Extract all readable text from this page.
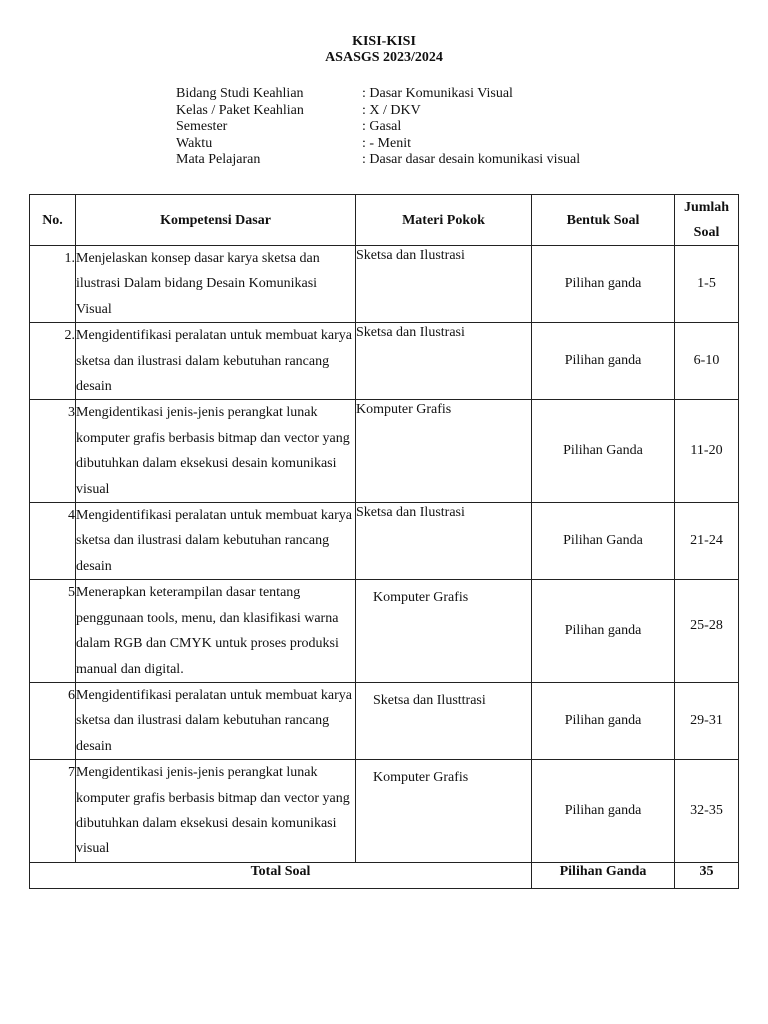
KISI-KISI
ASASGS 2023/2024
Bidang Studi Keahlian	: Dasar Komunikasi Visual
Kelas / Paket Keahlian	: X / DKV
Semester	: Gasal
Waktu	: - Menit
Mata Pelajaran	: Dasar dasar desain komunikasi visual
No.	Kompetensi Dasar	Materi Pokok	Bentuk Soal	Jumlah
Soal
1.	Menjelaskan konsep dasar karya sketsa dan ilustrasi Dalam bidang Desain Komunikasi Visual	Sketsa dan Ilustrasi	Pilihan ganda	1-5
2.	Mengidentifikasi peralatan untuk membuat karya sketsa dan ilustrasi dalam kebutuhan rancang desain	Sketsa dan Ilustrasi	Pilihan ganda	6-10
3	Mengidentikasi jenis-jenis perangkat lunak komputer grafis berbasis bitmap dan vector yang dibutuhkan dalam eksekusi desain komunikasi visual	Komputer Grafis	Pilihan Ganda	11-20
4	Mengidentifikasi peralatan untuk membuat karya sketsa dan ilustrasi dalam kebutuhan rancang desain	Sketsa dan Ilustrasi	Pilihan Ganda	21-24
5	Menerapkan keterampilan dasar tentang penggunaan tools, menu, dan klasifikasi warna dalam RGB dan CMYK untuk proses produksi manual dan digital.	Komputer Grafis	Pilihan ganda	25-28
6	Mengidentifikasi peralatan untuk membuat karya sketsa dan ilustrasi dalam kebutuhan rancang desain	Sketsa dan Ilusttrasi	Pilihan ganda	29-31
7	Mengidentikasi jenis-jenis perangkat lunak komputer grafis berbasis bitmap dan vector yang dibutuhkan dalam eksekusi desain komunikasi visual	Komputer Grafis	Pilihan ganda	32-35
Total Soal			Pilihan Ganda	35
